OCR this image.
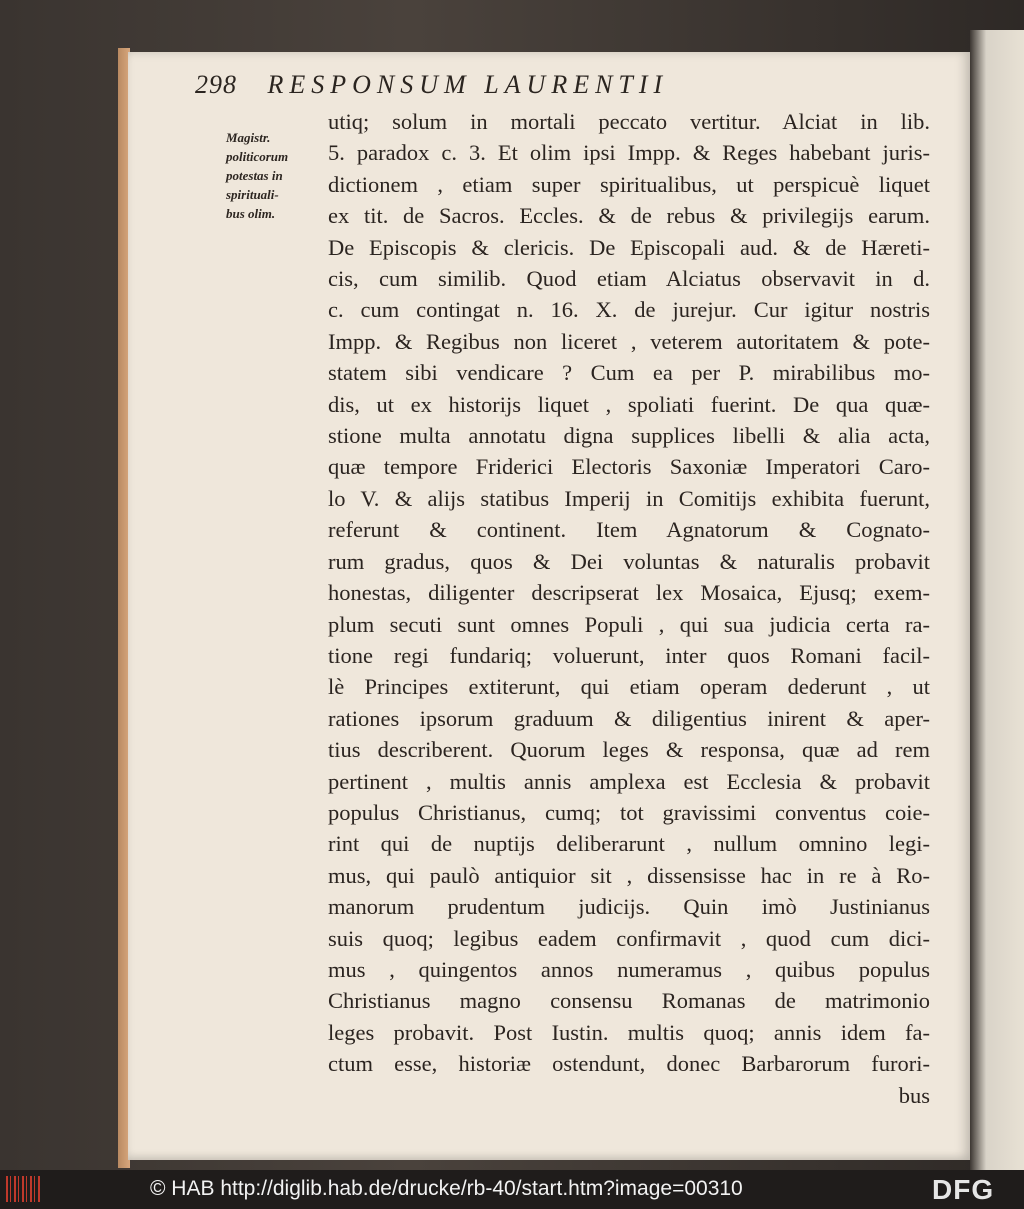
298 RESPONSUM LAURENTII
Magistr.
politicorum
potestas in
spirituali-
bus olim.
utiq; solum in mortali peccato vertitur. Alciat in lib.
5. paradox c. 3. Et olim ipsi Impp. & Reges habebant juris-
dictionem , etiam super spiritualibus, ut perspicuè liquet
ex tit. de Sacros. Eccles. & de rebus & privilegijs earum.
De Episcopis & clericis. De Episcopali aud. & de Hæreti-
cis, cum similib. Quod etiam Alciatus observavit in d.
c. cum contingat n. 16. X. de jurejur. Cur igitur nostris
Impp. & Regibus non liceret , veterem autoritatem & pote-
statem sibi vendicare ? Cum ea per P. mirabilibus mo-
dis, ut ex historijs liquet , spoliati fuerint. De qua quæ-
stione multa annotatu digna supplices libelli & alia acta,
quæ tempore Friderici Electoris Saxoniæ Imperatori Caro-
lo V. & alijs statibus Imperij in Comitijs exhibita fuerunt,
referunt & continent. Item Agnatorum & Cognato-
rum gradus, quos & Dei voluntas & naturalis probavit
honestas, diligenter descripserat lex Mosaica, Ejusq; exem-
plum secuti sunt omnes Populi , qui sua judicia certa ra-
tione regi fundariq; voluerunt, inter quos Romani facil-
lè Principes extiterunt, qui etiam operam dederunt , ut
rationes ipsorum graduum & diligentius inirent & aper-
tius describerent. Quorum leges & responsa, quæ ad rem
pertinent , multis annis amplexa est Ecclesia & probavit
populus Christianus, cumq; tot gravissimi conventus coie-
rint qui de nuptijs deliberarunt , nullum omnino legi-
mus, qui paulò antiquior sit , dissensisse hac in re à Ro-
manorum prudentum judicijs. Quin imò Justinianus
suis quoq; legibus eadem confirmavit , quod cum dici-
mus , quingentos annos numeramus , quibus populus
Christianus magno consensu Romanas de matrimonio
leges probavit. Post Iustin. multis quoq; annis idem fa-
ctum esse, historiæ ostendunt, donec Barbarorum furori-
bus
© HAB http://diglib.hab.de/drucke/rb-40/start.htm?image=00310	DFG
